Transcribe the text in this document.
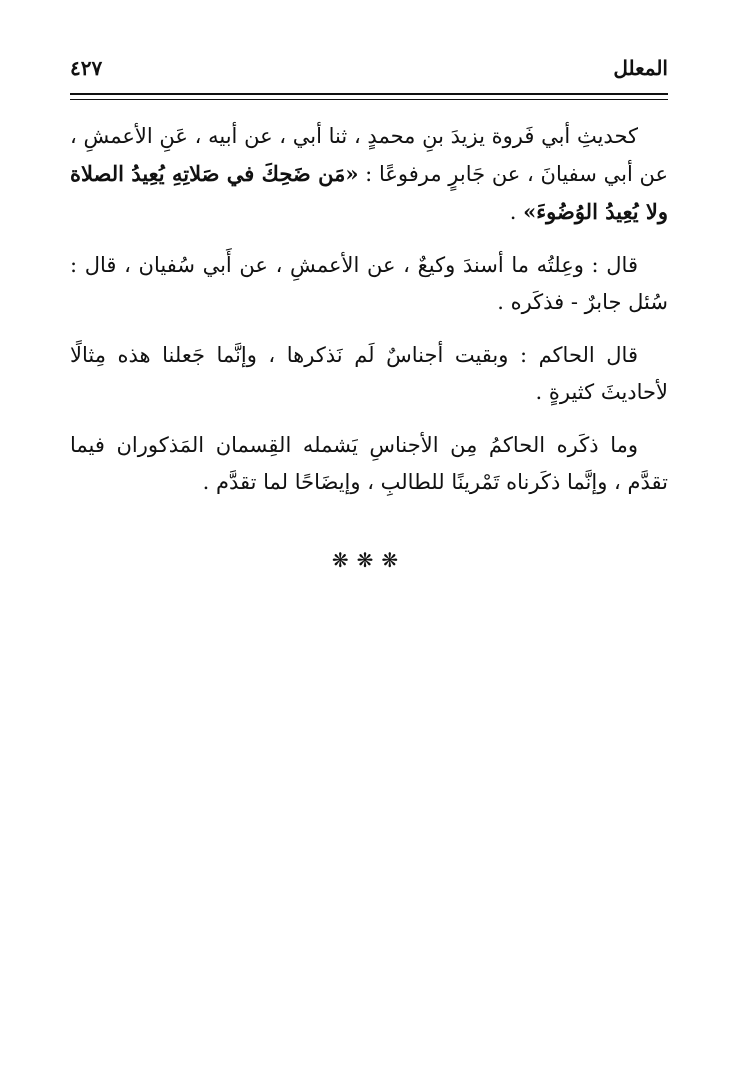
المعلل
٤٢٧

كحديثِ أبي فَروة يزيدَ بنِ محمدٍ ، ثنا أبي ، عن أبيه ، عَنِ الأعمشِ ، عن أبي سفيانَ ، عن جَابرٍ مرفوعًا : «مَن ضَحِكَ في صَلاتِهِ يُعِيدُ الصلاة ولا يُعِيدُ الوُضُوءَ» .

قال : وعِلتُه ما أسندَ وكيعٌ ، عن الأعمشِ ، عن أَبي سُفيان ، قال : سُئل جابرٌ - فذكَره .

قال الحاكم : وبقيت أجناسٌ لَم نَذكرها ، وإنَّما جَعلنا هذه مِثالًا لأحاديثَ كثيرةٍ .

وما ذكَره الحاكمُ مِن الأجناسِ يَشمله القِسمان المَذكوران فيما تقدَّم ، وإنَّما ذكَرناه تَمْرينًا للطالبِ ، وإيضَاحًا لما تقدَّم .

❋❋❋
